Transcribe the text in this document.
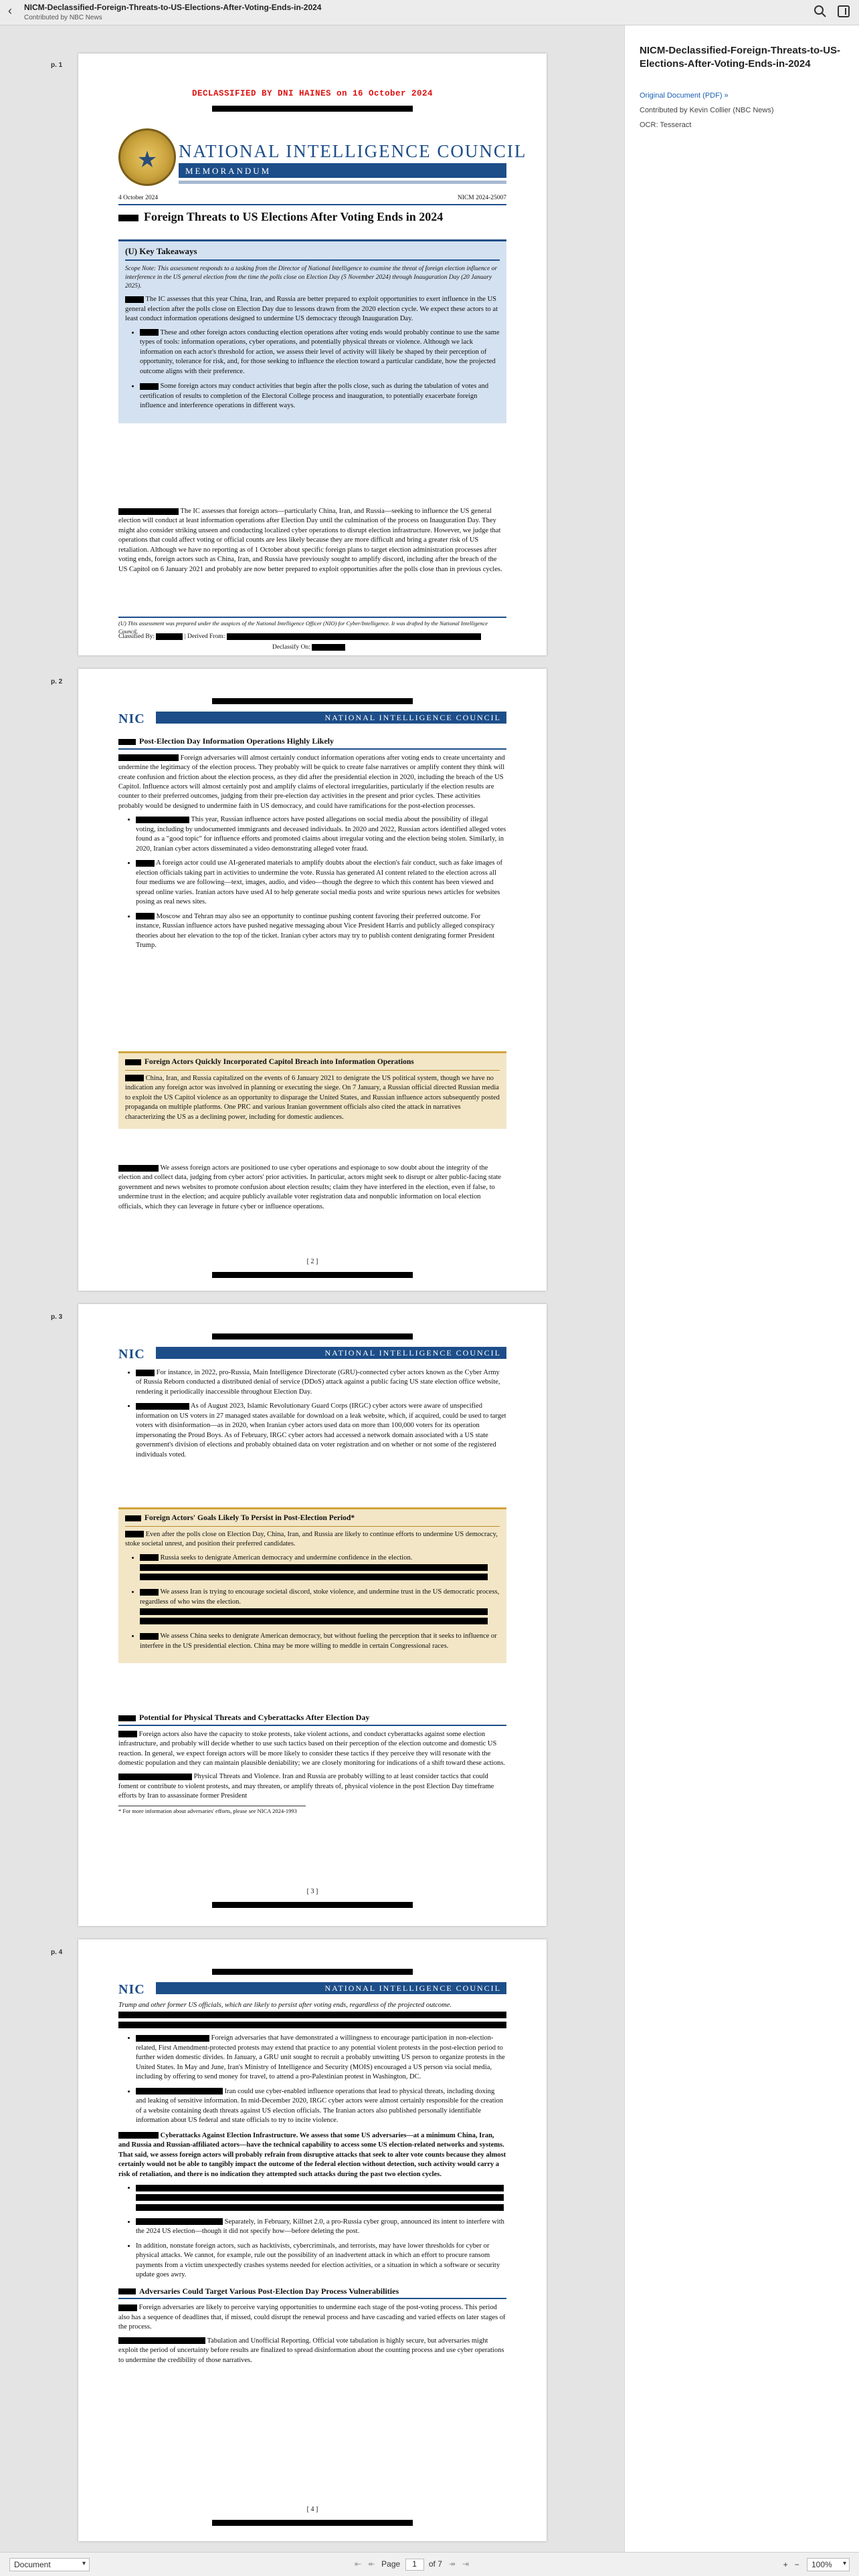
‹ NICM-Declassified-Foreign-Threats-to-US-Elections-After-Voting-Ends-in-2024
Contributed by NBC News
p. 1
DECLASSIFIED BY DNI HAINES on 16 October 2024
★
NATIONAL INTELLIGENCE COUNCIL
MEMORANDUM
4 October 2024	NICM 2024-25007
Foreign Threats to US Elections After Voting Ends in 2024
(U) Key Takeaways

Scope Note: This assessment responds to a tasking from the Director of National Intelligence to examine the threat of foreign election influence or interference in the US general election from the time the polls close on Election Day (5 November 2024) through Inauguration Day (20 January 2025).

The IC assesses that this year China, Iran, and Russia are better prepared to exploit opportunities to exert influence in the US general election after the polls close on Election Day due to lessons drawn from the 2020 election cycle. We expect these actors to at least conduct information operations designed to undermine US democracy through Inauguration Day.

• These and other foreign actors conducting election operations after voting ends would probably continue to use the same types of tools: information operations, cyber operations, and potentially physical threats or violence. Although we lack information on each actor's threshold for action, we assess their level of activity will likely be shaped by their perception of opportunity, tolerance for risk, and, for those seeking to influence the election toward a particular candidate, how the projected outcome aligns with their preference.
• Some foreign actors may conduct activities that begin after the polls close, such as during the tabulation of votes and certification of results to completion of the Electoral College process and inauguration, to potentially exacerbate foreign influence and interference operations in different ways.

The IC assesses that foreign actors—particularly China, Iran, and Russia—seeking to influence the US general election will conduct at least information operations after Election Day until the culmination of the process on Inauguration Day. They might also consider striking unseen and conducting localized cyber operations to disrupt election infrastructure. However, we judge that operations that could affect voting or official counts are less likely because they are more difficult and bring a greater risk of US retaliation. Although we have no reporting as of 1 October about specific foreign plans to target election administration processes after voting ends, foreign actors such as China, Iran, and Russia have previously sought to amplify discord, including after the breach of the US Capitol on 6 January 2021 and probably are now better prepared to exploit opportunities after the polls close than in previous cycles.

(U) This assessment was prepared under the auspices of the National Intelligence Officer (NIO) for Cyber/Intelligence. It was drafted by the National Intelligence Council.
Classified By:	| Derived From:
Declassify On:
p. 2
NIC	NATIONAL INTELLIGENCE COUNCIL
Post-Election Day Information Operations Highly Likely

Foreign adversaries will almost certainly conduct information operations after voting ends to create uncertainty and undermine the legitimacy of the election process. They probably will be quick to create false narratives or amplify content they think will create confusion and friction about the election process, as they did after the presidential election in 2020, including the breach of the US Capitol. Influence actors will almost certainly post and amplify claims of electoral irregularities, particularly if the election results are counter to their preferred outcomes, judging from their pre-election day activities in the present and prior cycles. These activities probably would be designed to undermine faith in US democracy, and could have ramifications for the post-election processes.

• This year, Russian influence actors have posted allegations on social media about the possibility of illegal voting, including by undocumented immigrants and deceased individuals. In 2020 and 2022, Russian actors identified alleged votes found as a "good topic" for influence efforts and promoted claims about irregular voting and the election being stolen. Similarly, in 2020, Iranian cyber actors disseminated a video demonstrating alleged voter fraud.
• A foreign actor could use AI-generated materials to amplify doubts about the election's fair conduct, such as fake images of election officials taking part in activities to undermine the vote. Russia has generated AI content related to the election across all four mediums we are following—text, images, audio, and video—though the degree to which this content has been viewed and spread online varies. Iranian actors have used AI to help generate social media posts and write spurious news articles for websites posing as real news sites.
• Moscow and Tehran may also see an opportunity to continue pushing content favoring their preferred outcome. For instance, Russian influence actors have pushed negative messaging about Vice President Harris and publicly alleged conspiracy theories about her elevation to the top of the ticket. Iranian cyber actors may try to publish content denigrating former President Trump.
Foreign Actors Quickly Incorporated Capitol Breach into Information Operations

China, Iran, and Russia capitalized on the events of 6 January 2021 to denigrate the US political system, though we have no indication any foreign actor was involved in planning or executing the siege. On 7 January, a Russian official directed Russian media to exploit the US Capitol violence as an opportunity to disparage the United States, and Russian influence actors subsequently posted propaganda on multiple platforms. One PRC and various Iranian government officials also cited the attack in narratives characterizing the US as a declining power, including for domestic audiences.

We assess foreign actors are positioned to use cyber operations and espionage to sow doubt about the integrity of the election and collect data, judging from cyber actors' prior activities. In particular, actors might seek to disrupt or alter public-facing state government and news websites to promote confusion about election results; claim they have interfered in the election, even if false, to undermine trust in the election; and acquire publicly available voter registration data and nonpublic information on local election officials, which they can leverage in future cyber or influence operations.

[ 2 ]
p. 3
NIC	NATIONAL INTELLIGENCE COUNCIL
• For instance, in 2022, pro-Russia, Main Intelligence Directorate (GRU)-connected cyber actors known as the Cyber Army of Russia Reborn conducted a distributed denial of service (DDoS) attack against a public facing US state election office website, rendering it periodically inaccessible throughout Election Day.
• As of August 2023, Islamic Revolutionary Guard Corps (IRGC) cyber actors were aware of unspecified information on US voters in 27 managed states available for download on a leak website, which, if acquired, could be used to target voters with disinformation—as in 2020, when Iranian cyber actors used data on more than 100,000 voters for its operation impersonating the Proud Boys. As of February, IRGC cyber actors had accessed a network domain associated with a US state government's division of elections and probably obtained data on voter registration and on whether or not some of the registered individuals voted.
Foreign Actors' Goals Likely To Persist in Post-Election Period*

Even after the polls close on Election Day, China, Iran, and Russia are likely to continue efforts to undermine US democracy, stoke societal unrest, and position their preferred candidates.

• Russia seeks to denigrate American democracy and undermine confidence in the election.

• We assess Iran is trying to encourage societal discord, stoke violence, and undermine trust in the US democratic process, regardless of who wins the election.

• We assess China seeks to denigrate American democracy, but without fueling the perception that it seeks to influence or interfere in the US presidential election. China may be more willing to meddle in certain Congressional races.
Potential for Physical Threats and Cyberattacks After Election Day

Foreign actors also have the capacity to stoke protests, take violent actions, and conduct cyberattacks against some election infrastructure, and probably will decide whether to use such tactics based on their perception of the election outcome and domestic US reaction. In general, we expect foreign actors will be more likely to consider these tactics if they perceive they will resonate with the domestic population and they can maintain plausible deniability; we are closely monitoring for indications of a shift toward these actions.

Physical Threats and Violence. Iran and Russia are probably willing to at least consider tactics that could foment or contribute to violent protests, and may threaten, or amplify threats of, physical violence in the post Election Day timeframe efforts by Iran to assassinate former President

* For more information about adversaries' efforts, please see NICA 2024-1993

[ 3 ]
p. 4
NIC	NATIONAL INTELLIGENCE COUNCIL

Trump and other former US officials, which are likely to persist after voting ends, regardless of the projected outcome.

• Foreign adversaries that have demonstrated a willingness to encourage participation in non-election-related, First Amendment-protected protests may extend that practice to any potential violent protests in the post-election period to further widen domestic divides. In January, a GRU unit sought to recruit a probably unwitting US person to organize protests in the United States. In May and June, Iran's Ministry of Intelligence and Security (MOIS) encouraged a US person via social media, including by offering to send money for travel, to attend a pro-Palestinian protest in Washington, DC.
• Iran could use cyber-enabled influence operations that lead to physical threats, including doxing and leaking of sensitive information. In mid-December 2020, IRGC cyber actors were almost certainly responsible for the creation of a website containing death threats against US election officials. The Iranian actors also published personally identifiable information about US federal and state officials to try to incite violence.

Cyberattacks Against Election Infrastructure. We assess that some US adversaries—at a minimum China, Iran, and Russia and Russian-affiliated actors—have the technical capability to access some US election-related networks and systems. That said, we assess foreign actors will probably refrain from disruptive attacks that seek to alter vote counts because they almost certainly would not be able to tangibly impact the outcome of the federal election without detection, such activity would carry a risk of retaliation, and there is no indication they attempted such attacks during the past two election cycles.

•

• Separately, in February, Killnet 2.0, a pro-Russia cyber group, announced its intent to interfere with the 2024 US election—though it did not specify how—before deleting the post.
• In addition, nonstate foreign actors, such as hacktivists, cybercriminals, and terrorists, may have lower thresholds for cyber or physical attacks. We cannot, for example, rule out the possibility of an inadvertent attack in which an effort to procure ransom payments from a victim unexpectedly crashes systems needed for election activities, or a situation in which a software or security update goes awry.
Adversaries Could Target Various Post-Election Day Process Vulnerabilities

Foreign adversaries are likely to perceive varying opportunities to undermine each stage of the post-voting process. This period also has a sequence of deadlines that, if missed, could disrupt the renewal process and have cascading and varied effects on later stages of the process.

Tabulation and Unofficial Reporting. Official vote tabulation is highly secure, but adversaries might exploit the period of uncertainty before results are finalized to spread disinformation about the counting process and use cyber operations to undermine the credibility of those narratives.

[ 4 ]
NICM-Declassified-Foreign-Threats-to-US-Elections-After-Voting-Ends-in-2024
Original Document (PDF) »
Contributed by Kevin Collier (NBC News)
OCR: Tesseract
Document ▾	⇤ ↞ Page 1 of 7 ↠ ⇥	+ − 100% ▾
